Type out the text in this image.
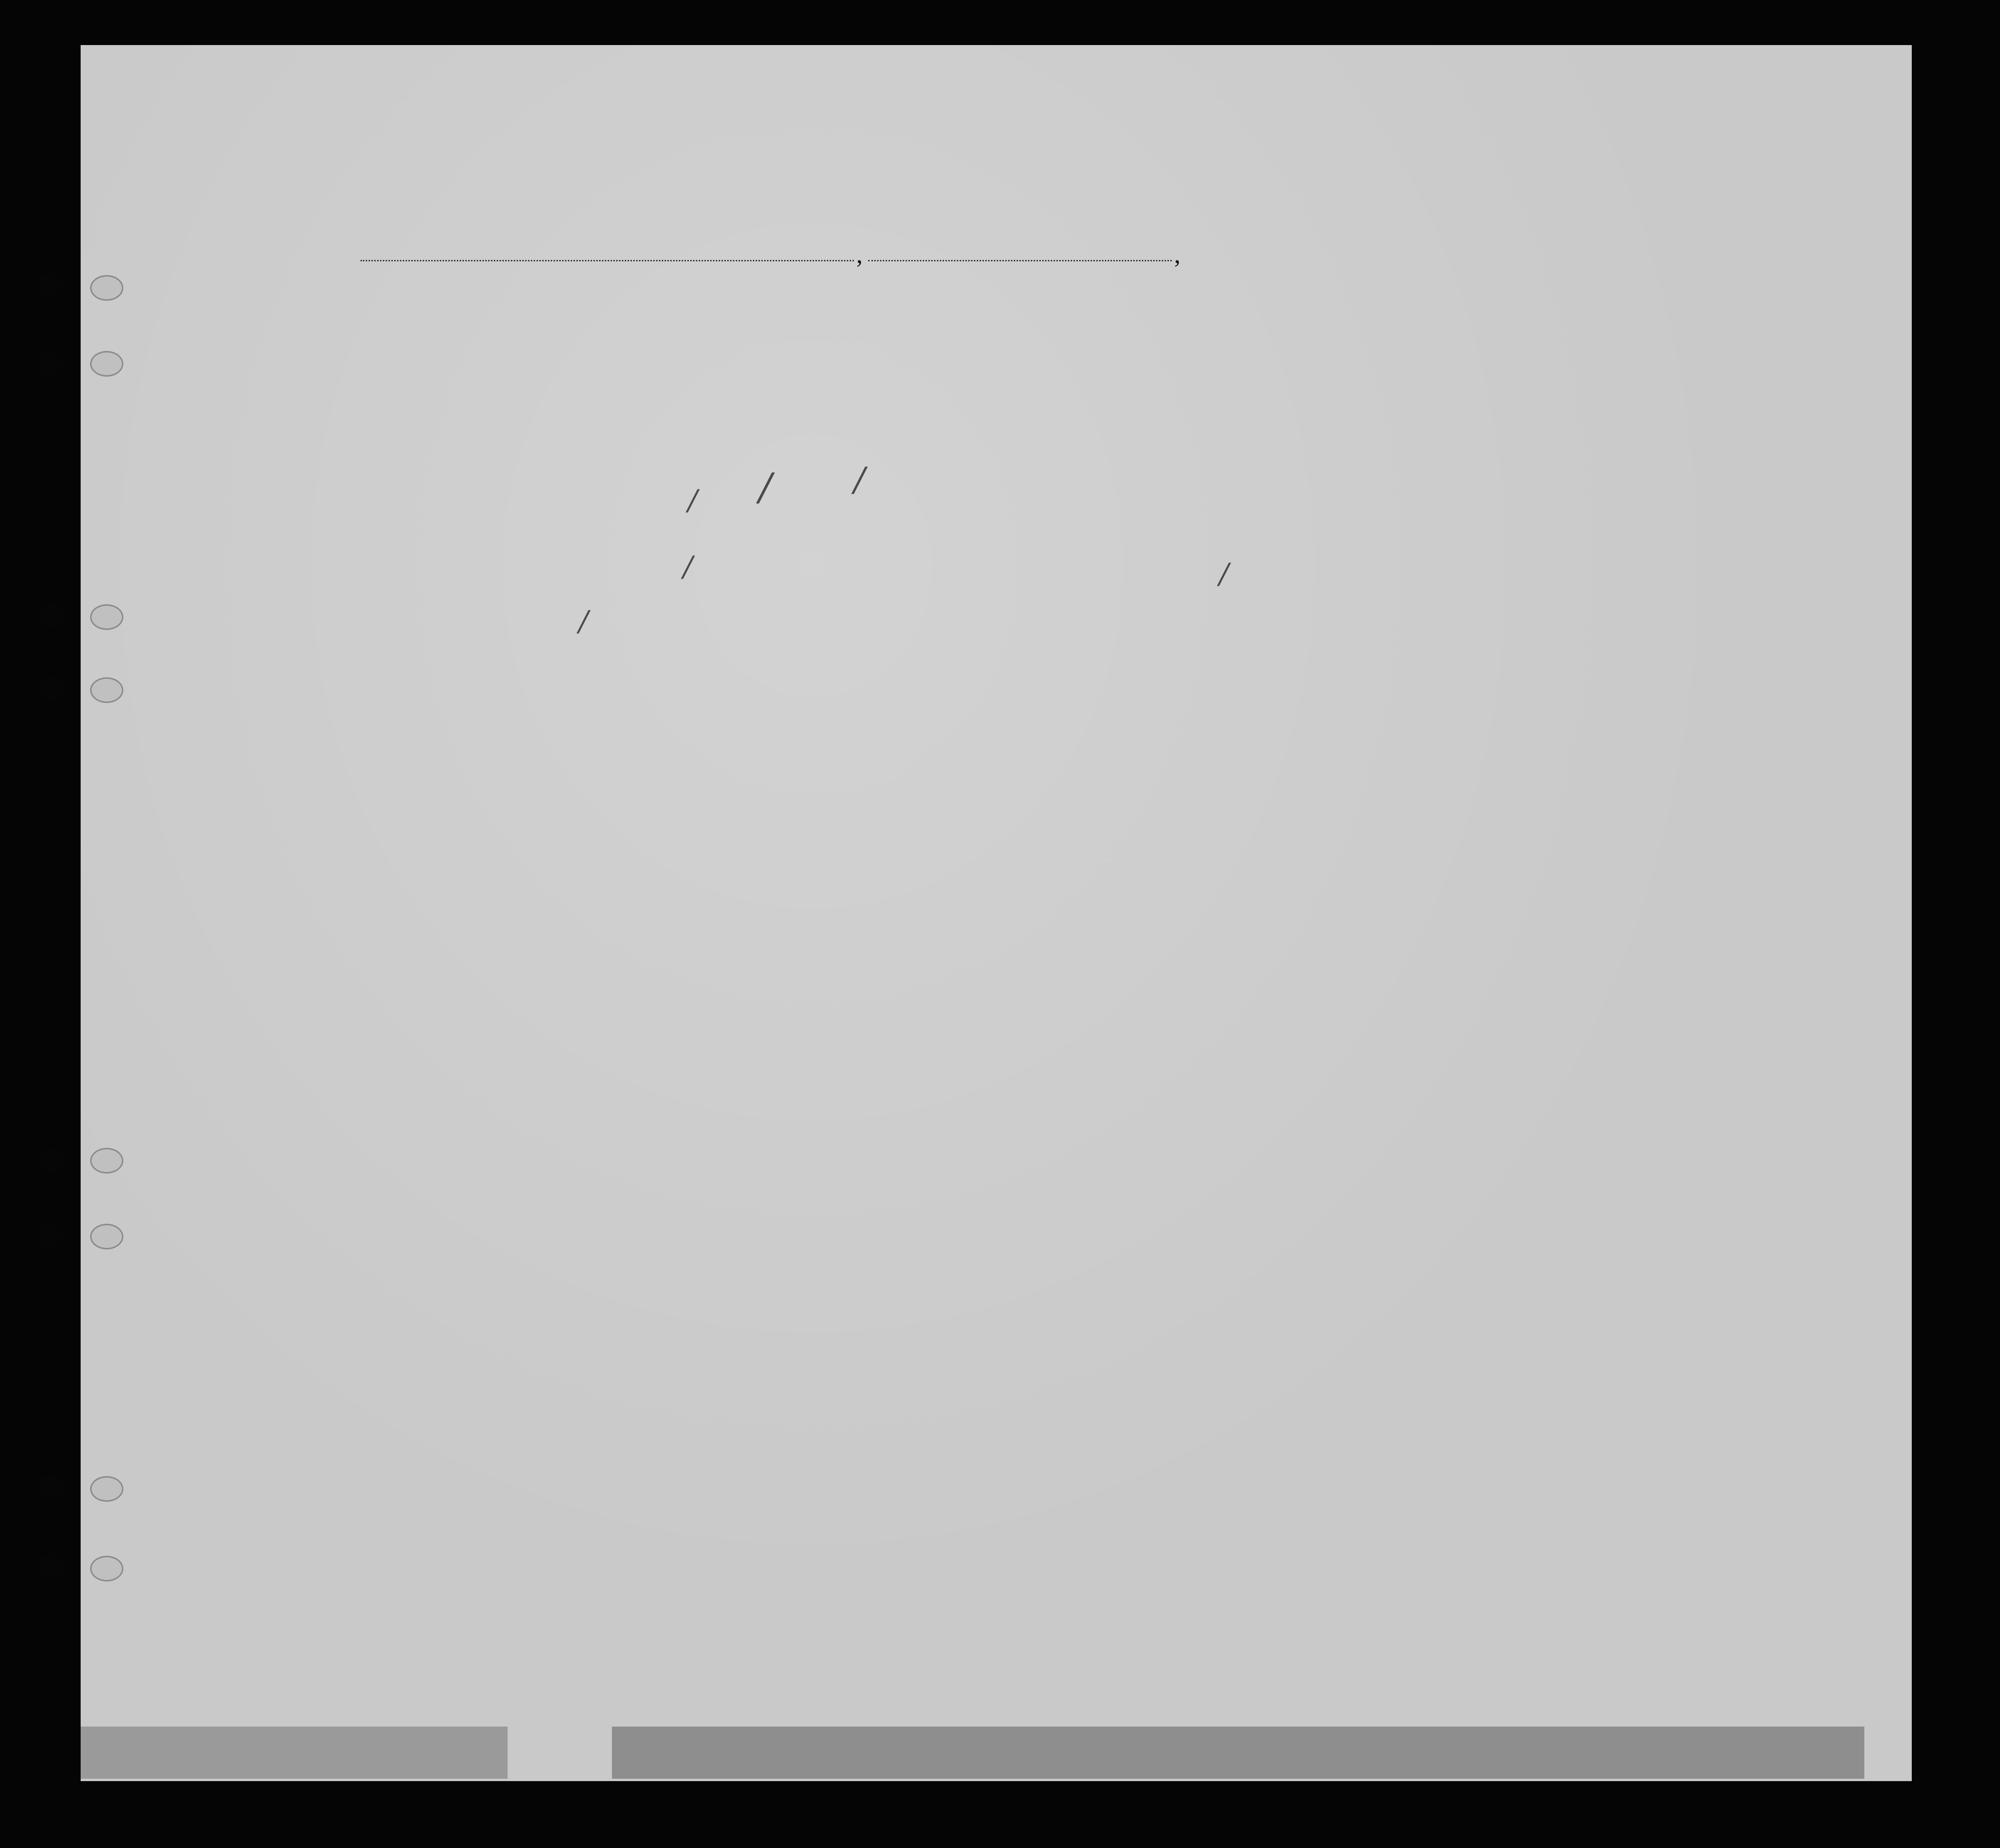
,	,
/ / /
/	/
/
